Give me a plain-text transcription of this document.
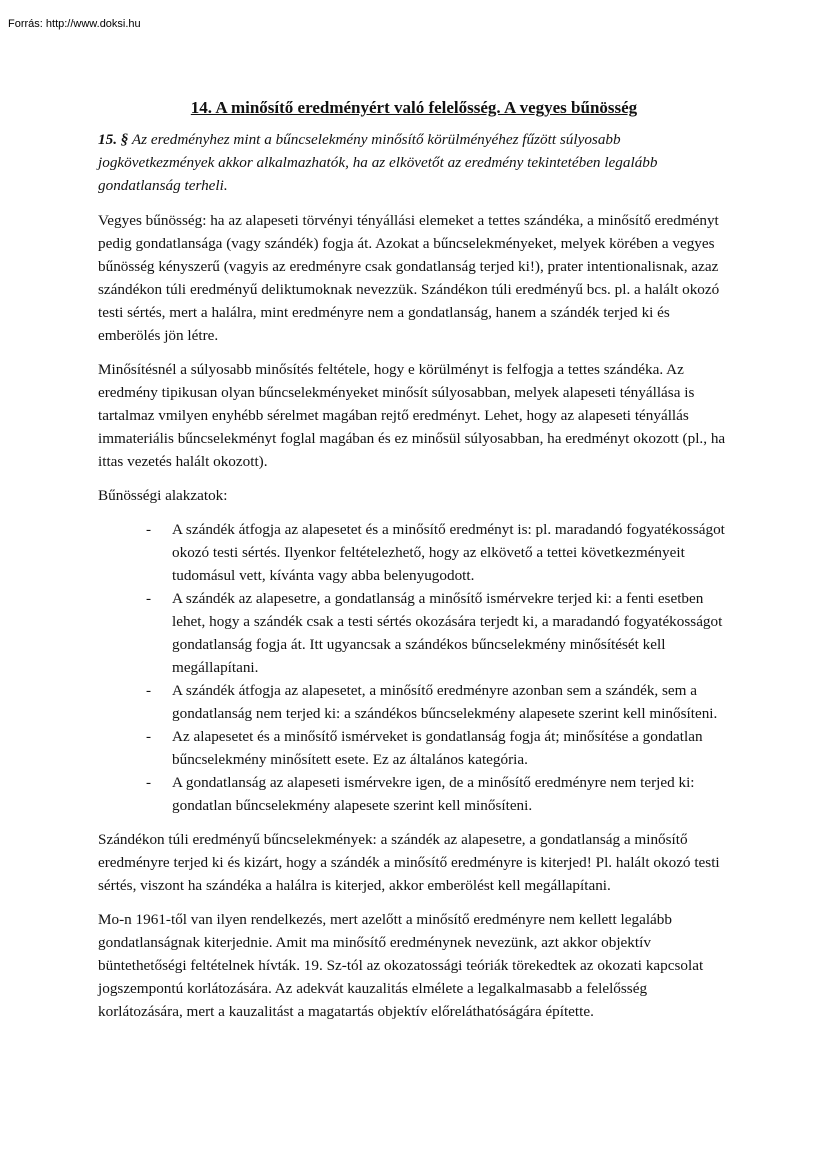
Forrás: http://www.doksi.hu
14. A minősítő eredményért való felelősség. A vegyes bűnösség
15. § Az eredményhez mint a bűncselekmény minősítő körülményéhez fűzött súlyosabb jogkövetkezmények akkor alkalmazhatók, ha az elkövetőt az eredmény tekintetében legalább gondatlanság terheli.

Vegyes bűnösség: ha az alapeseti törvényi tényállási elemeket a tettes szándéka, a minősítő eredményt pedig gondatlansága (vagy szándék) fogja át. Azokat a bűncselekményeket, melyek körében a vegyes bűnösség kényszerű (vagyis az eredményre csak gondatlanság terjed ki!), prater intentionalisnak, azaz szándékon túli eredményű deliktumoknak nevezzük. Szándékon túli eredményű bcs. pl. a halált okozó testi sértés, mert a halálra, mint eredményre nem a gondatlanság, hanem a szándék terjed ki és emberölés jön létre.

Minősítésnél a súlyosabb minősítés feltétele, hogy e körülményt is felfogja a tettes szándéka. Az eredmény tipikusan olyan bűncselekményeket minősít súlyosabban, melyek alapeseti tényállása is tartalmaz vmilyen enyhébb sérelmet magában rejtő eredményt. Lehet, hogy az alapeseti tényállás immateriális bűncselekményt foglal magában és ez minősül súlyosabban, ha eredményt okozott (pl., ha ittas vezetés halált okozott).

Bűnösségi alakzatok:

- A szándék átfogja az alapesetet és a minősítő eredményt is: pl. maradandó fogyatékosságot okozó testi sértés. Ilyenkor feltételezhető, hogy az elkövető a tettei következményeit tudomásul vett, kívánta vagy abba belenyugodott.
- A szándék az alapesetre, a gondatlanság a minősítő ismérvekre terjed ki: a fenti esetben lehet, hogy a szándék csak a testi sértés okozására terjedt ki, a maradandó fogyatékosságot gondatlanság fogja át. Itt ugyancsak a szándékos bűncselekmény minősítését kell megállapítani.
- A szándék átfogja az alapesetet, a minősítő eredményre azonban sem a szándék, sem a gondatlanság nem terjed ki: a szándékos bűncselekmény alapesete szerint kell minősíteni.
- Az alapesetet és a minősítő ismérveket is gondatlanság fogja át; minősítése a gondatlan bűncselekmény minősített esete. Ez az általános kategória.
- A gondatlanság az alapeseti ismérvekre igen, de a minősítő eredményre nem terjed ki: gondatlan bűncselekmény alapesete szerint kell minősíteni.

Szándékon túli eredményű bűncselekmények: a szándék az alapesetre, a gondatlanság a minősítő eredményre terjed ki és kizárt, hogy a szándék a minősítő eredményre is kiterjed! Pl. halált okozó testi sértés, viszont ha szándéka a halálra is kiterjed, akkor emberölést kell megállapítani.

Mo-n 1961-től van ilyen rendelkezés, mert azelőtt a minősítő eredményre nem kellett legalább gondatlanságnak kiterjednie. Amit ma minősítő eredménynek nevezünk, azt akkor objektív büntethetőségi feltételnek hívták. 19. Sz-tól az okozatossági teóriák törekedtek az okozati kapcsolat jogszempontú korlátozására. Az adekvát kauzalitás elmélete a legalkalmasabb a felelősség korlátozására, mert a kauzalitást a magatartás objektív előreláthatóságára építette.
